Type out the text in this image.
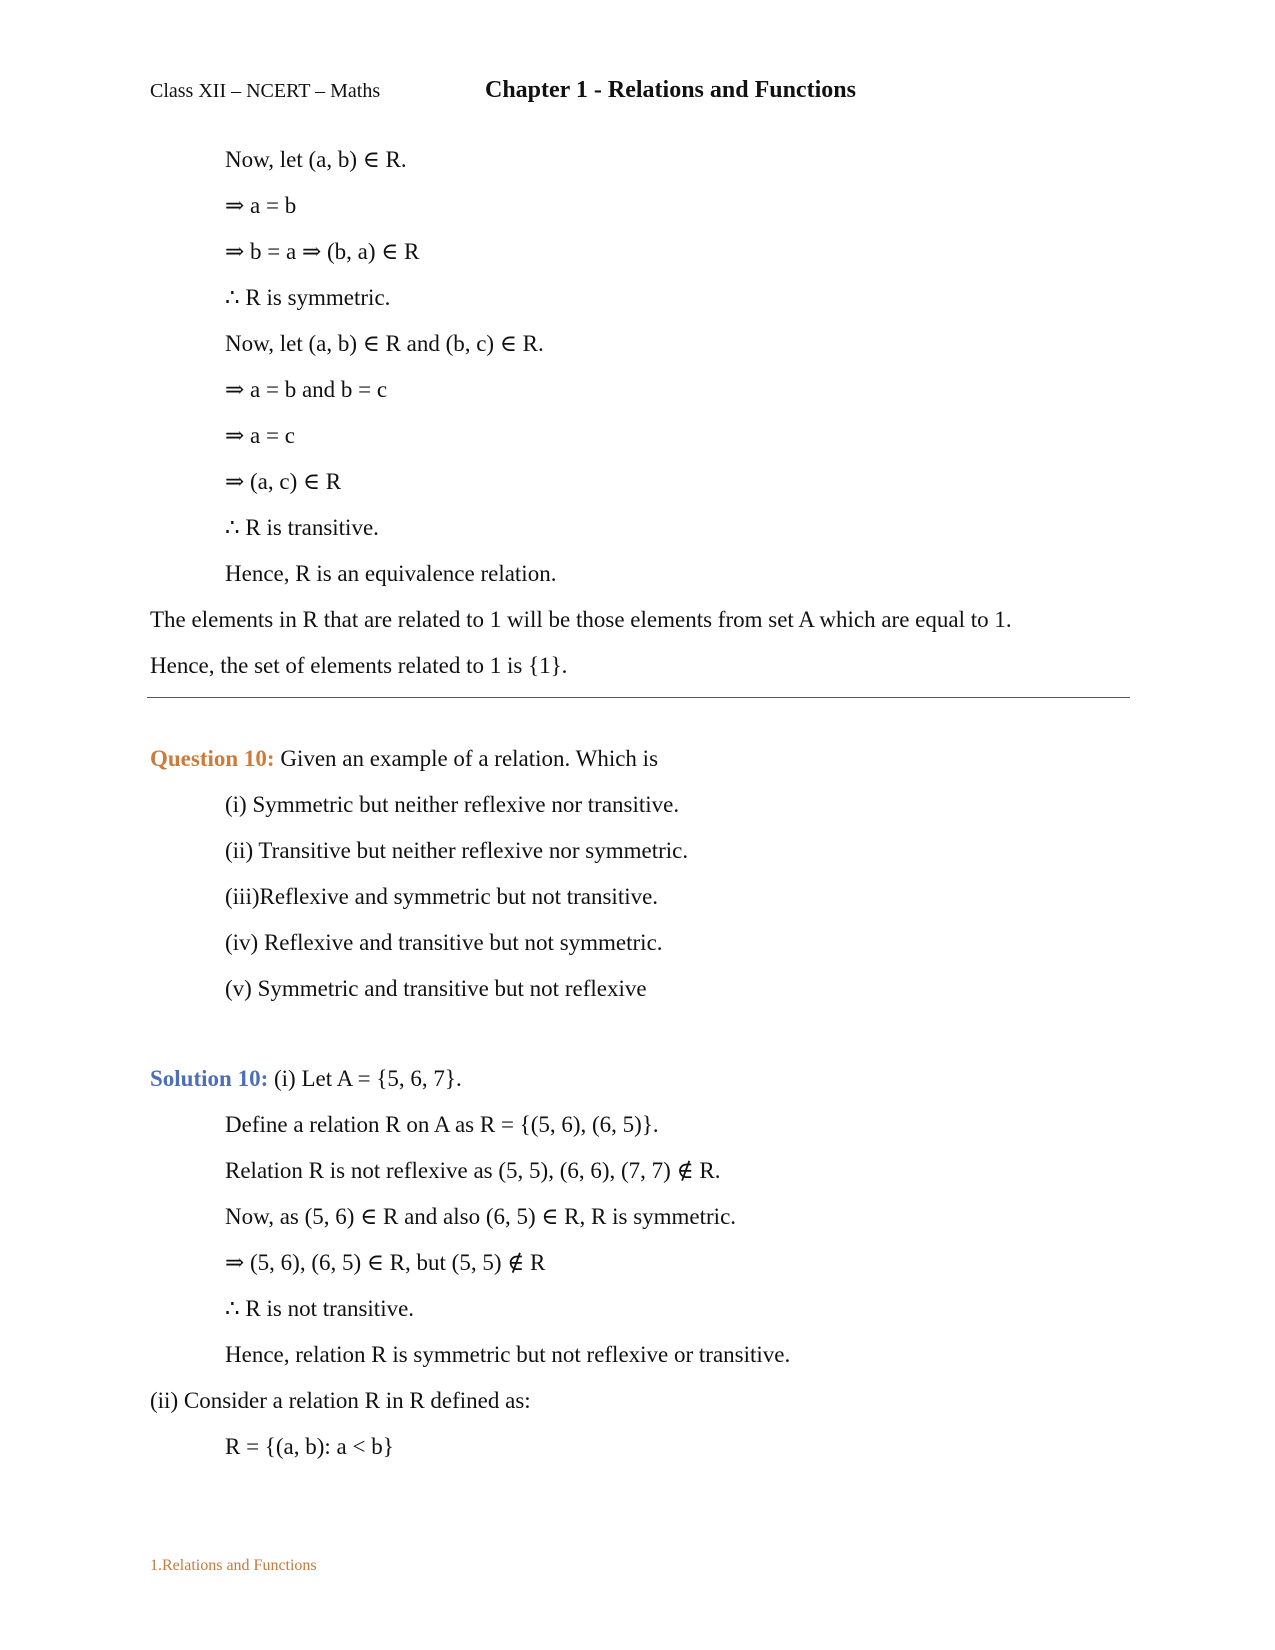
Class XII – NCERT – Maths	Chapter 1 - Relations and Functions
Now, let (a, b) ∈ R.
⇒ a = b
⇒ b = a ⇒ (b, a) ∈ R
∴ R is symmetric.
Now, let (a, b) ∈ R and (b, c) ∈ R.
⇒ a = b and b = c
⇒ a = c
⇒ (a, c) ∈ R
∴ R is transitive.
Hence, R is an equivalence relation.
The elements in R that are related to 1 will be those elements from set A which are equal to 1.
Hence, the set of elements related to 1 is {1}.
Question 10: Given an example of a relation. Which is
(i) Symmetric but neither reflexive nor transitive.
(ii) Transitive but neither reflexive nor symmetric.
(iii)Reflexive and symmetric but not transitive.
(iv) Reflexive and transitive but not symmetric.
(v) Symmetric and transitive but not reflexive
Solution 10: (i) Let A = {5, 6, 7}.
Define a relation R on A as R = {(5, 6), (6, 5)}.
Relation R is not reflexive as (5, 5), (6, 6), (7, 7) ∉ R.
Now, as (5, 6) ∈ R and also (6, 5) ∈ R, R is symmetric.
⇒ (5, 6), (6, 5) ∈ R, but (5, 5) ∉ R
∴ R is not transitive.
Hence, relation R is symmetric but not reflexive or transitive.
(ii) Consider a relation R in R defined as:
R = {(a, b): a < b}
1.Relations and Functions
